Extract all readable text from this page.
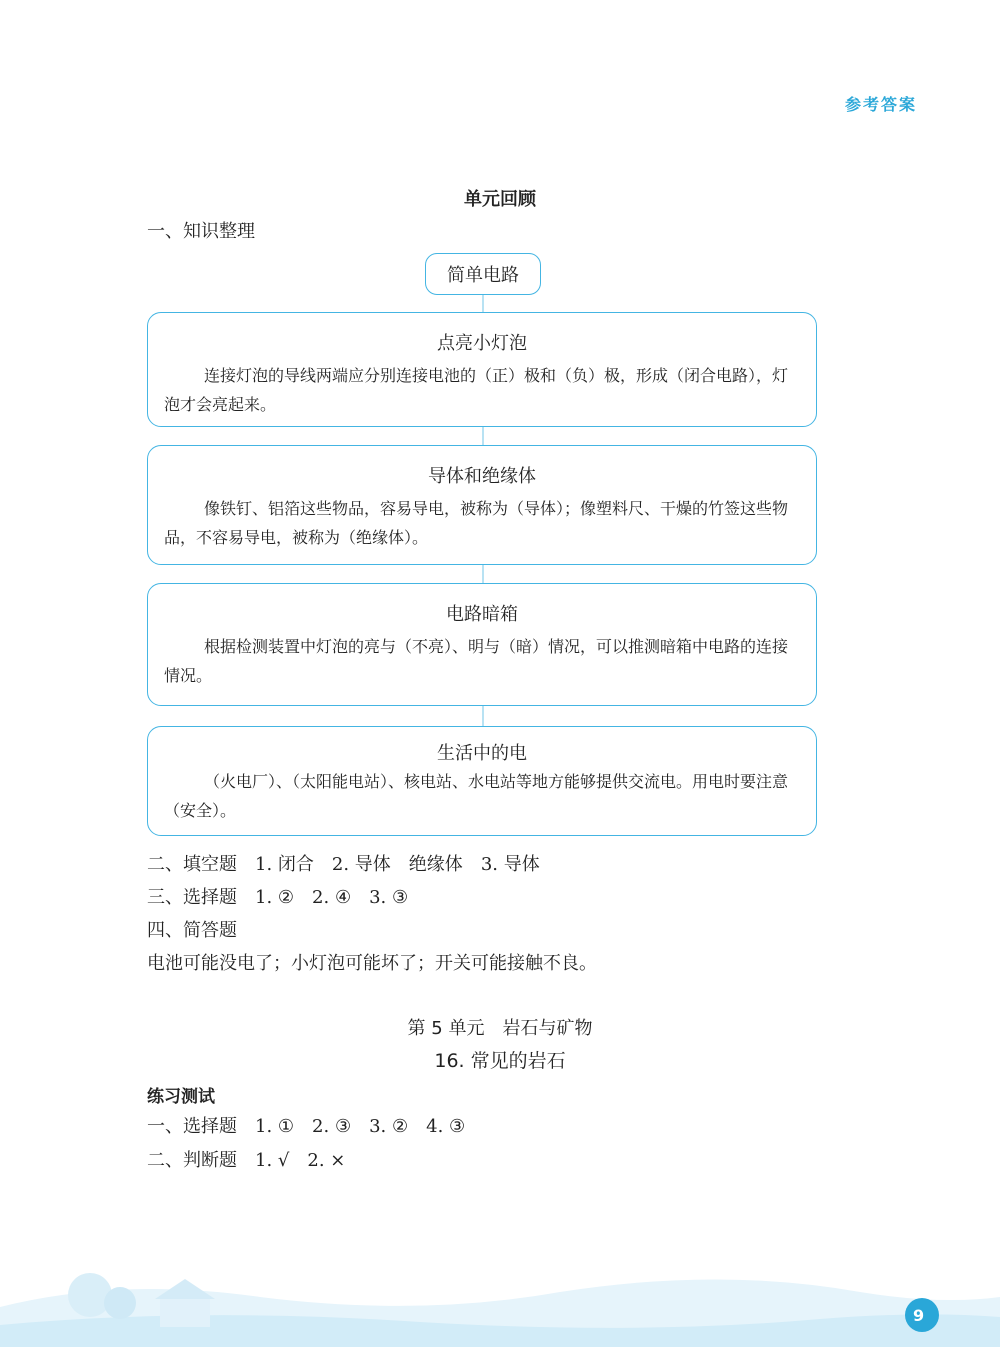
参考答案
单元回顾
一、知识整理
简单电路
点亮小灯泡
连接灯泡的导线两端应分别连接电池的（正）极和（负）极，形成（闭合电路），灯泡才会亮起来。
导体和绝缘体
像铁钉、铝箔这些物品，容易导电，被称为（导体）；像塑料尺、干燥的竹签这些物品，不容易导电，被称为（绝缘体）。
电路暗箱
根据检测装置中灯泡的亮与（不亮）、明与（暗）情况，可以推测暗箱中电路的连接情况。
生活中的电
（火电厂）、（太阳能电站）、核电站、水电站等地方能够提供交流电。用电时要注意（安全）。
二、填空题 1. 闭合 2. 导体　绝缘体 3. 导体
三、选择题 1. ② 2. ④ 3. ③
四、简答题
电池可能没电了；小灯泡可能坏了；开关可能接触不良。
第 5 单元　岩石与矿物
16. 常见的岩石
练习测试
一、选择题 1. ① 2. ③ 3. ② 4. ③
二、判断题 1. √ 2. ×
9
